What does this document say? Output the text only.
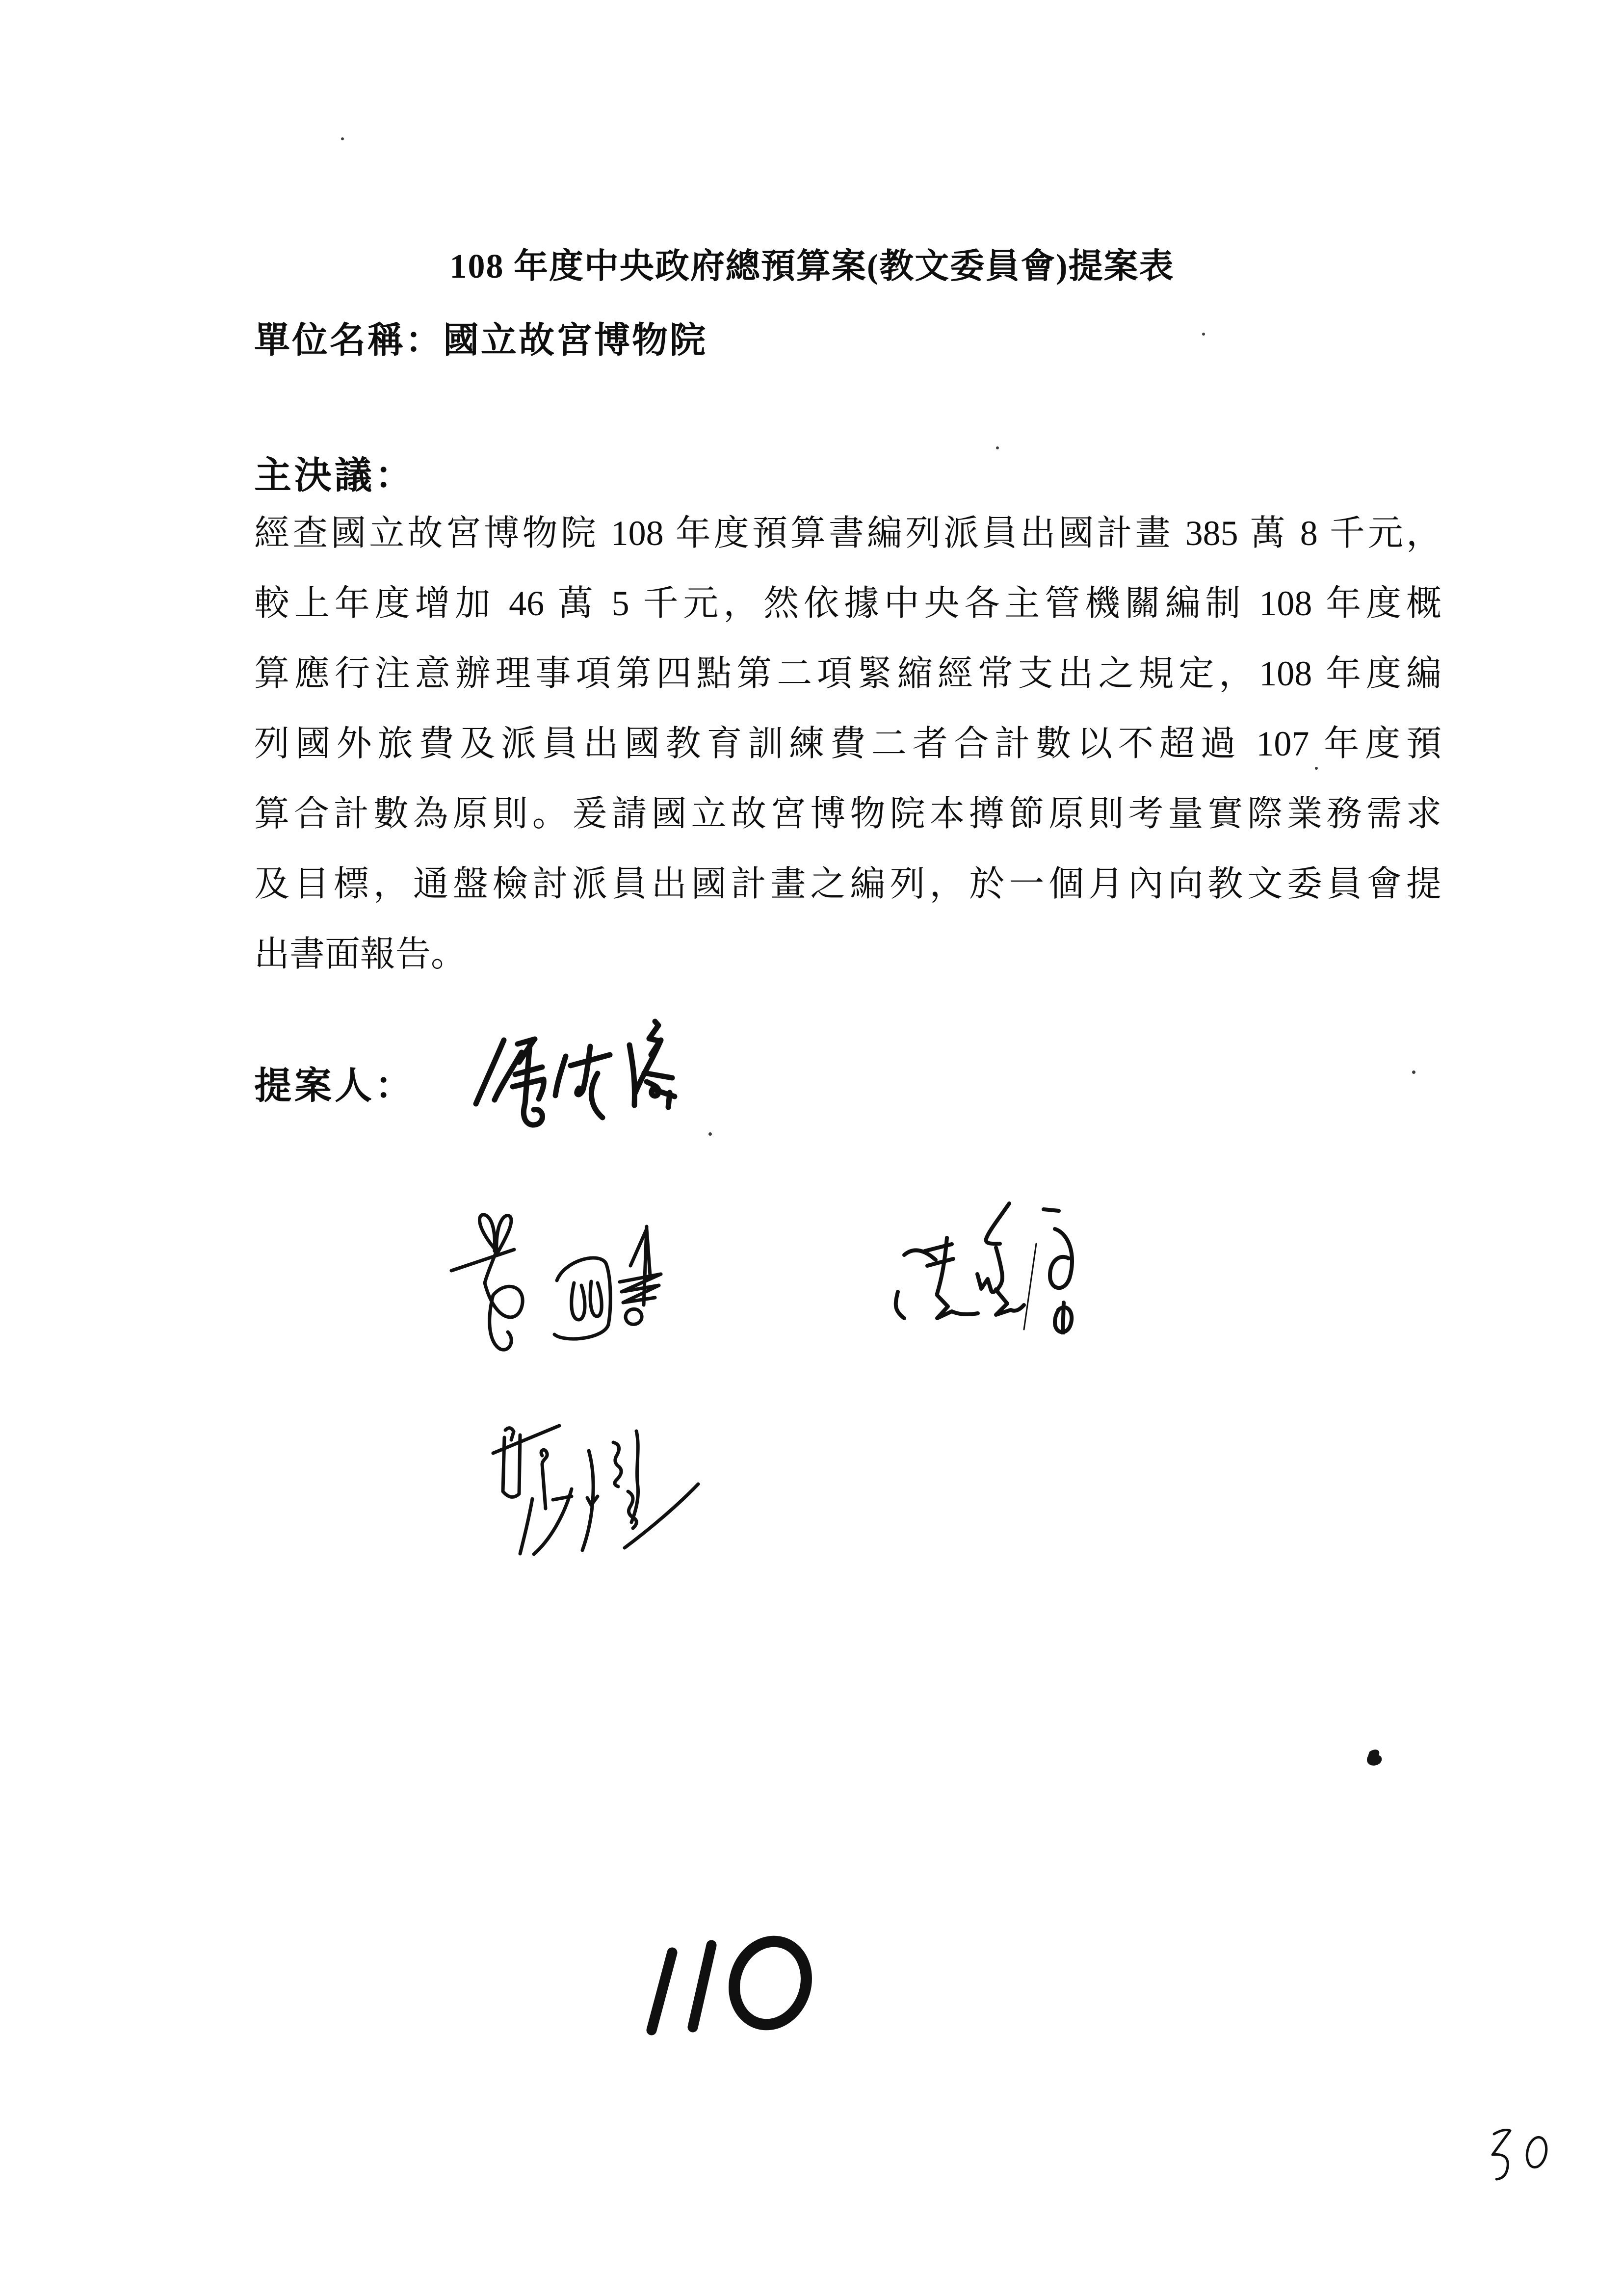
108 年度中央政府總預算案(教文委員會)提案表
單位名稱：國立故宮博物院
主決議：
經查國立故宮博物院 108 年度預算書編列派員出國計畫 385 萬 8 千元，
較上年度增加 46 萬 5 千元，然依據中央各主管機關編制 108 年度概
算應行注意辦理事項第四點第二項緊縮經常支出之規定，108 年度編
列國外旅費及派員出國教育訓練費二者合計數以不超過 107 年度預
算合計數為原則。爰請國立故宮博物院本撙節原則考量實際業務需求
及目標，通盤檢討派員出國計畫之編列，於一個月內向教文委員會提
出書面報告。
提案人：
